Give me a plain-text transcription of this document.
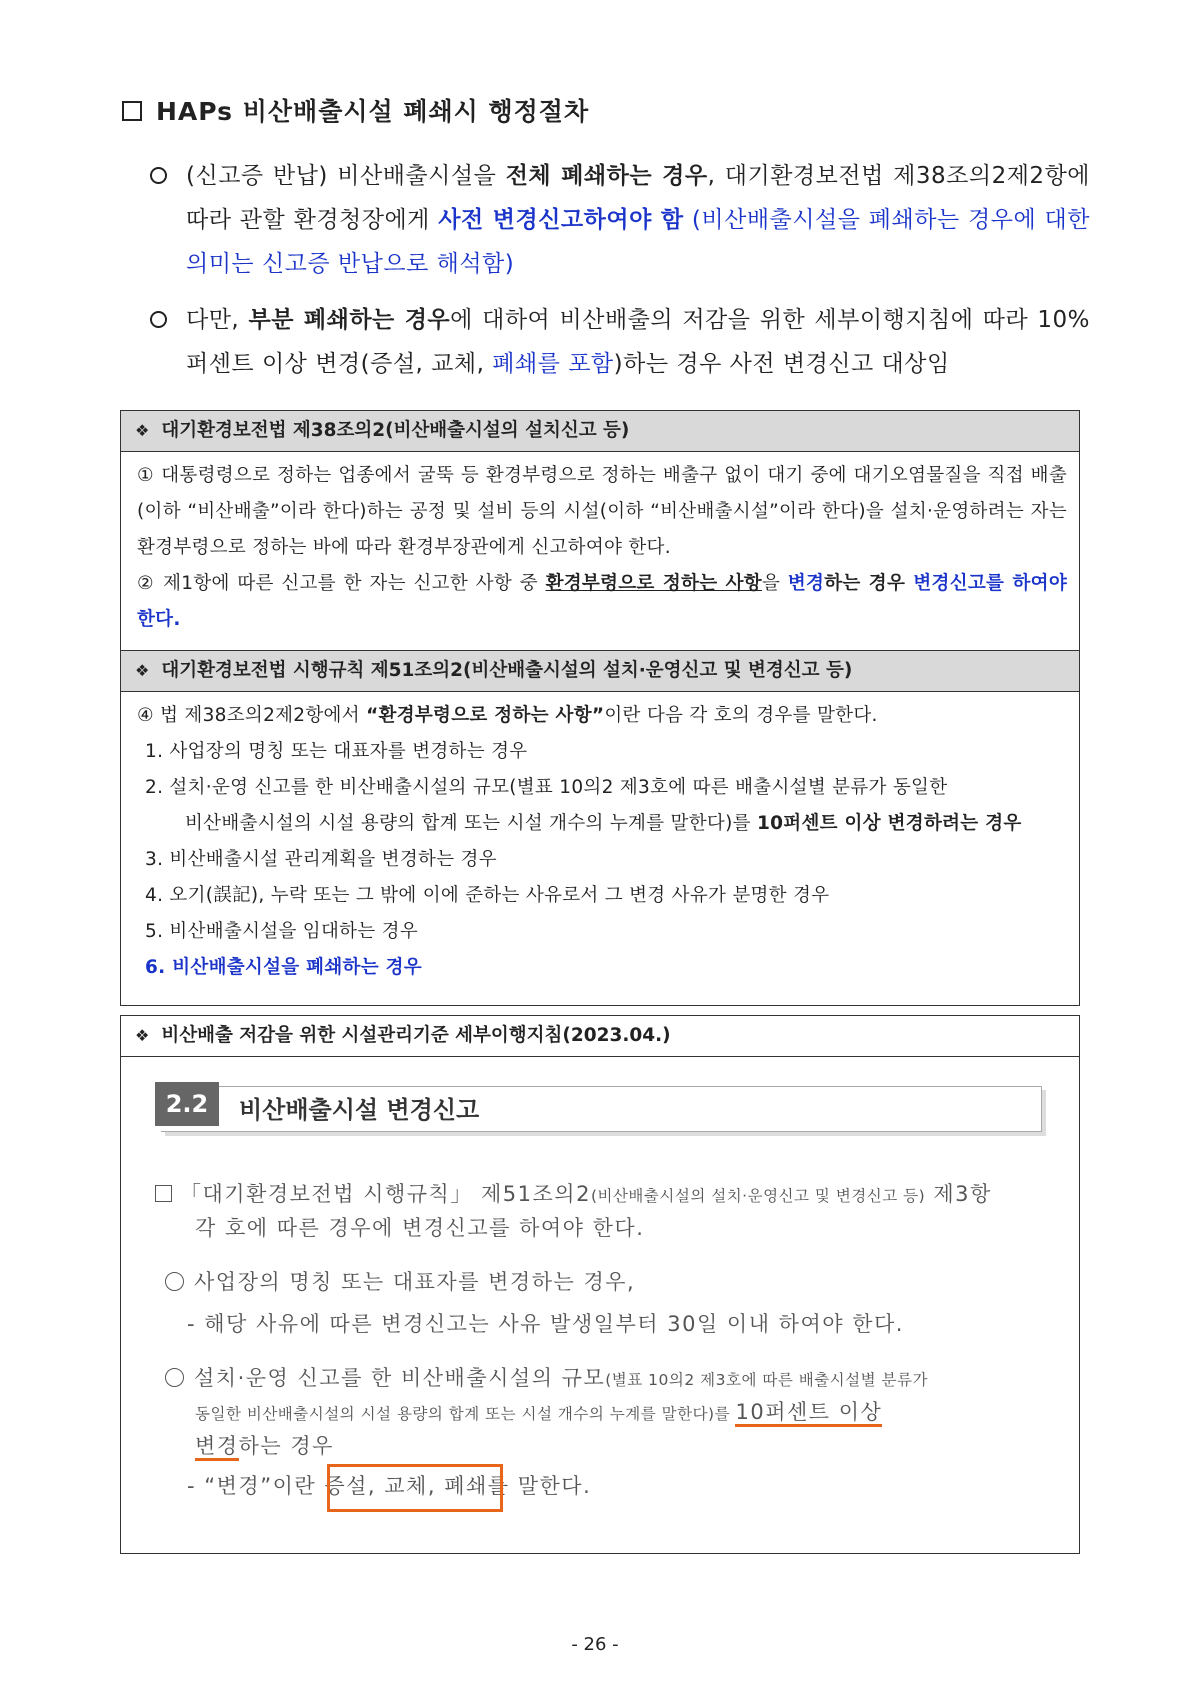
HAPs 비산배출시설 폐쇄시 행정절차
(신고증 반납) 비산배출시설을 전체 폐쇄하는 경우, 대기환경보전법 제38조의2제2항에 따라 관할 환경청장에게 사전 변경신고하여야 함 (비산배출시설을 폐쇄하는 경우에 대한 의미는 신고증 반납으로 해석함)
다만, 부분 폐쇄하는 경우에 대하여 비산배출의 저감을 위한 세부이행지침에 따라 10%퍼센트 이상 변경(증설, 교체, 폐쇄를 포함)하는 경우 사전 변경신고 대상임
❖ 대기환경보전법 제38조의2(비산배출시설의 설치신고 등)
① 대통령령으로 정하는 업종에서 굴뚝 등 환경부령으로 정하는 배출구 없이 대기 중에 대기오염물질을 직접 배출(이하 “비산배출”이라 한다)하는 공정 및 설비 등의 시설(이하 “비산배출시설”이라 한다)을 설치·운영하려는 자는 환경부령으로 정하는 바에 따라 환경부장관에게 신고하여야 한다.
② 제1항에 따른 신고를 한 자는 신고한 사항 중 환경부령으로 정하는 사항을 변경하는 경우 변경신고를 하여야 한다.
❖ 대기환경보전법 시행규칙 제51조의2(비산배출시설의 설치·운영신고 및 변경신고 등)
④ 법 제38조의2제2항에서 “환경부령으로 정하는 사항”이란 다음 각 호의 경우를 말한다.
1. 사업장의 명칭 또는 대표자를 변경하는 경우
2. 설치·운영 신고를 한 비산배출시설의 규모(별표 10의2 제3호에 따른 배출시설별 분류가 동일한
비산배출시설의 시설 용량의 합계 또는 시설 개수의 누계를 말한다)를 10퍼센트 이상 변경하려는 경우
3. 비산배출시설 관리계획을 변경하는 경우
4. 오기(誤記), 누락 또는 그 밖에 이에 준하는 사유로서 그 변경 사유가 분명한 경우
5. 비산배출시설을 임대하는 경우
6. 비산배출시설을 폐쇄하는 경우
❖ 비산배출 저감을 위한 시설관리기준 세부이행지침(2023.04.)
2.2	비산배출시설 변경신고
「대기환경보전법 시행규칙」 제51조의2(비산배출시설의 설치·운영신고 및 변경신고 등) 제3항
각 호에 따른 경우에 변경신고를 하여야 한다.
사업장의 명칭 또는 대표자를 변경하는 경우,
- 해당 사유에 따른 변경신고는 사유 발생일부터 30일 이내 하여야 한다.
설치·운영 신고를 한 비산배출시설의 규모(별표 10의2 제3호에 따른 배출시설별 분류가
동일한 비산배출시설의 시설 용량의 합계 또는 시설 개수의 누계를 말한다)를 10퍼센트 이상
변경하는 경우
- “변경”이란 증설, 교체, 폐쇄를 말한다.
- 26 -
